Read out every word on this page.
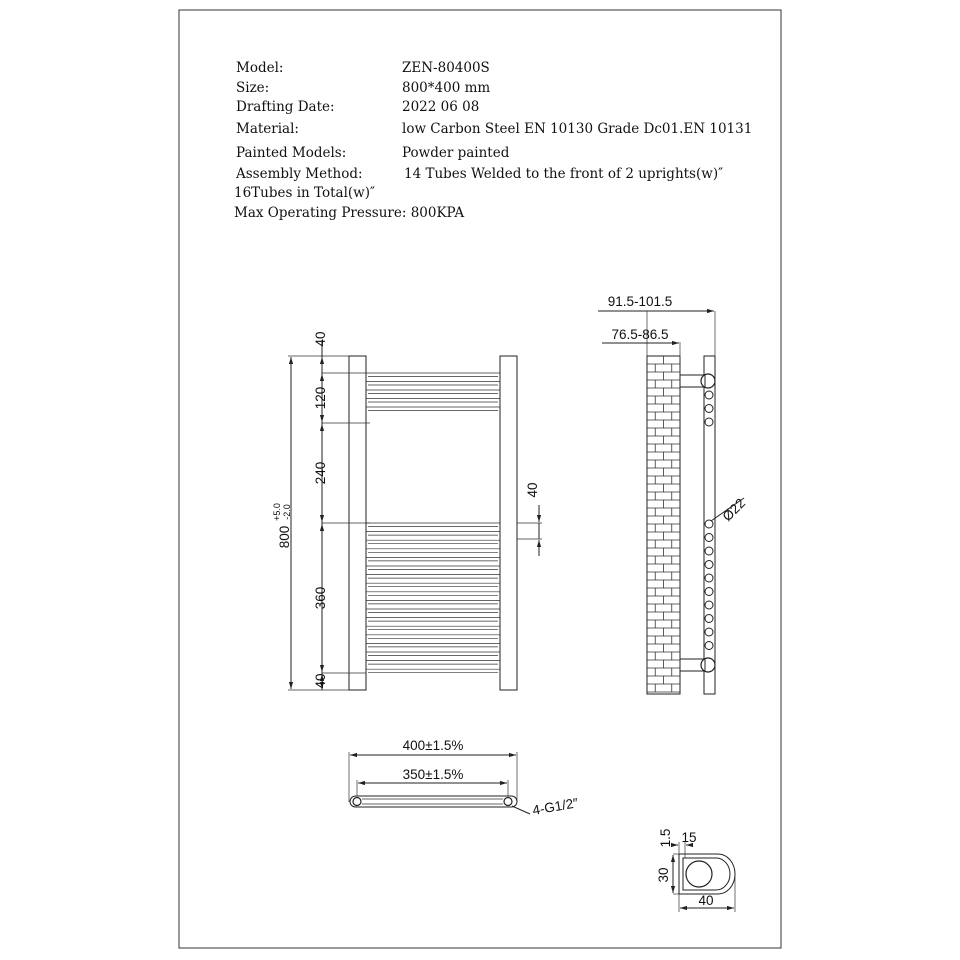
Model:	ZEN-80400S
Size:	800*400 mm
Drafting Date:	2022 06 08
Material:	low Carbon Steel EN 10130 Grade Dc01.EN 10131
Painted Models:	Powder painted
Assembly Method:	14 Tubes Welded to the front of 2 uprights(w)″
16Tubes in Total(w)″
Max Operating Pressure: 800KPA
40
120
240
360
40
800
+5.0 -2.0
40
91.5-101.5
76.5-86.5
Ø22
400±1.5%
350±1.5%
4-G1/2″
15
1.5
30
40
